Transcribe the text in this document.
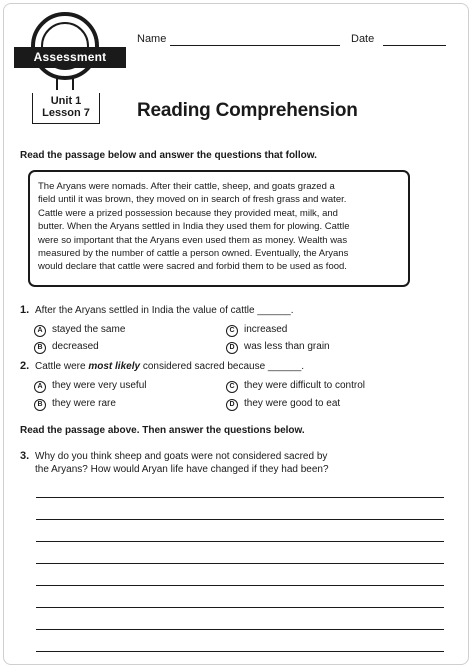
Assessment
Unit 1
Lesson 7
Name	Date
Reading Comprehension
Read the passage below and answer the questions that follow.
The Aryans were nomads. After their cattle, sheep, and goats grazed a
field until it was brown, they moved on in search of fresh grass and water.
Cattle were a prized possession because they provided meat, milk, and
butter. When the Aryans settled in India they used them for plowing. Cattle
were so important that the Aryans even used them as money. Wealth was
measured by the number of cattle a person owned. Eventually, the Aryans
would declare that cattle were sacred and forbid them to be used as food.
1. After the Aryans settled in India the value of cattle ______.
A stayed the same	C increased
B decreased	D was less than grain
2. Cattle were most likely considered sacred because ______.
A they were very useful	C they were difficult to control
B they were rare	D they were good to eat
Read the passage above. Then answer the questions below.
3. Why do you think sheep and goats were not considered sacred by
the Aryans? How would Aryan life have changed if they had been?
